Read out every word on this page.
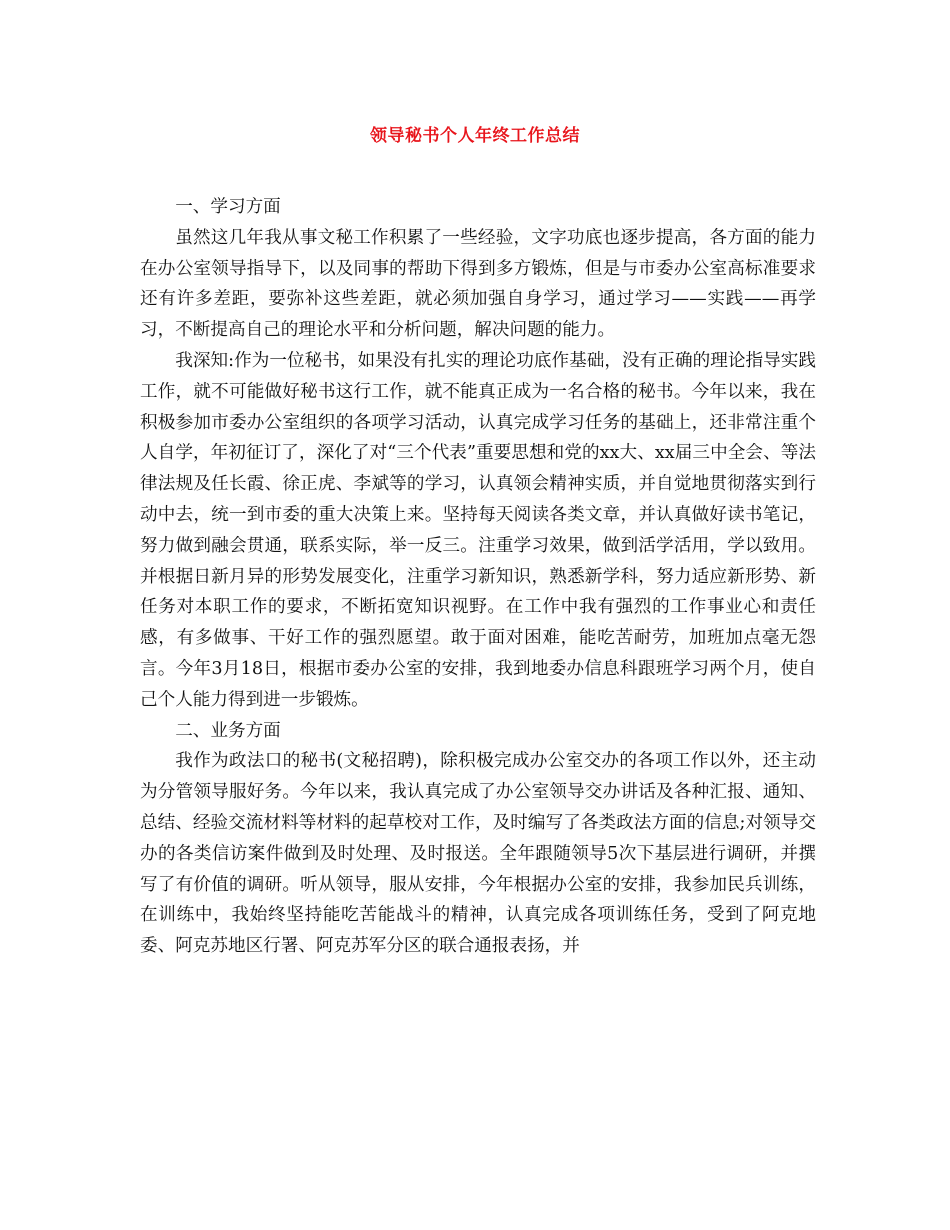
领导秘书个人年终工作总结

一、学习方面

虽然这几年我从事文秘工作积累了一些经验，文字功底也逐步提高，各方面的能力在办公室领导指导下，以及同事的帮助下得到多方锻炼，但是与市委办公室高标准要求还有许多差距，要弥补这些差距，就必须加强自身学习，通过学习——实践——再学习，不断提高自己的理论水平和分析问题，解决问题的能力。

我深知:作为一位秘书，如果没有扎实的理论功底作基础，没有正确的理论指导实践工作，就不可能做好秘书这行工作，就不能真正成为一名合格的秘书。今年以来，我在积极参加市委办公室组织的各项学习活动，认真完成学习任务的基础上，还非常注重个人自学，年初征订了，深化了对“三个代表”重要思想和党的xx大、xx届三中全会、等法律法规及任长霞、徐正虎、李斌等的学习，认真领会精神实质，并自觉地贯彻落实到行动中去，统一到市委的重大决策上来。坚持每天阅读各类文章，并认真做好读书笔记，努力做到融会贯通，联系实际，举一反三。注重学习效果，做到活学活用，学以致用。并根据日新月异的形势发展变化，注重学习新知识，熟悉新学科，努力适应新形势、新任务对本职工作的要求，不断拓宽知识视野。在工作中我有强烈的工作事业心和责任感，有多做事、干好工作的强烈愿望。敢于面对困难，能吃苦耐劳，加班加点毫无怨言。今年3月18日，根据市委办公室的安排，我到地委办信息科跟班学习两个月，使自己个人能力得到进一步锻炼。

二、业务方面

我作为政法口的秘书(文秘招聘)，除积极完成办公室交办的各项工作以外，还主动为分管领导服好务。今年以来，我认真完成了办公室领导交办讲话及各种汇报、通知、总结、经验交流材料等材料的起草校对工作，及时编写了各类政法方面的信息;对领导交办的各类信访案件做到及时处理、及时报送。全年跟随领导5次下基层进行调研，并撰写了有价值的调研。听从领导，服从安排，今年根据办公室的安排，我参加民兵训练，在训练中，我始终坚持能吃苦能战斗的精神，认真完成各项训练任务，受到了阿克地委、阿克苏地区行署、阿克苏军分区的联合通报表扬，并
